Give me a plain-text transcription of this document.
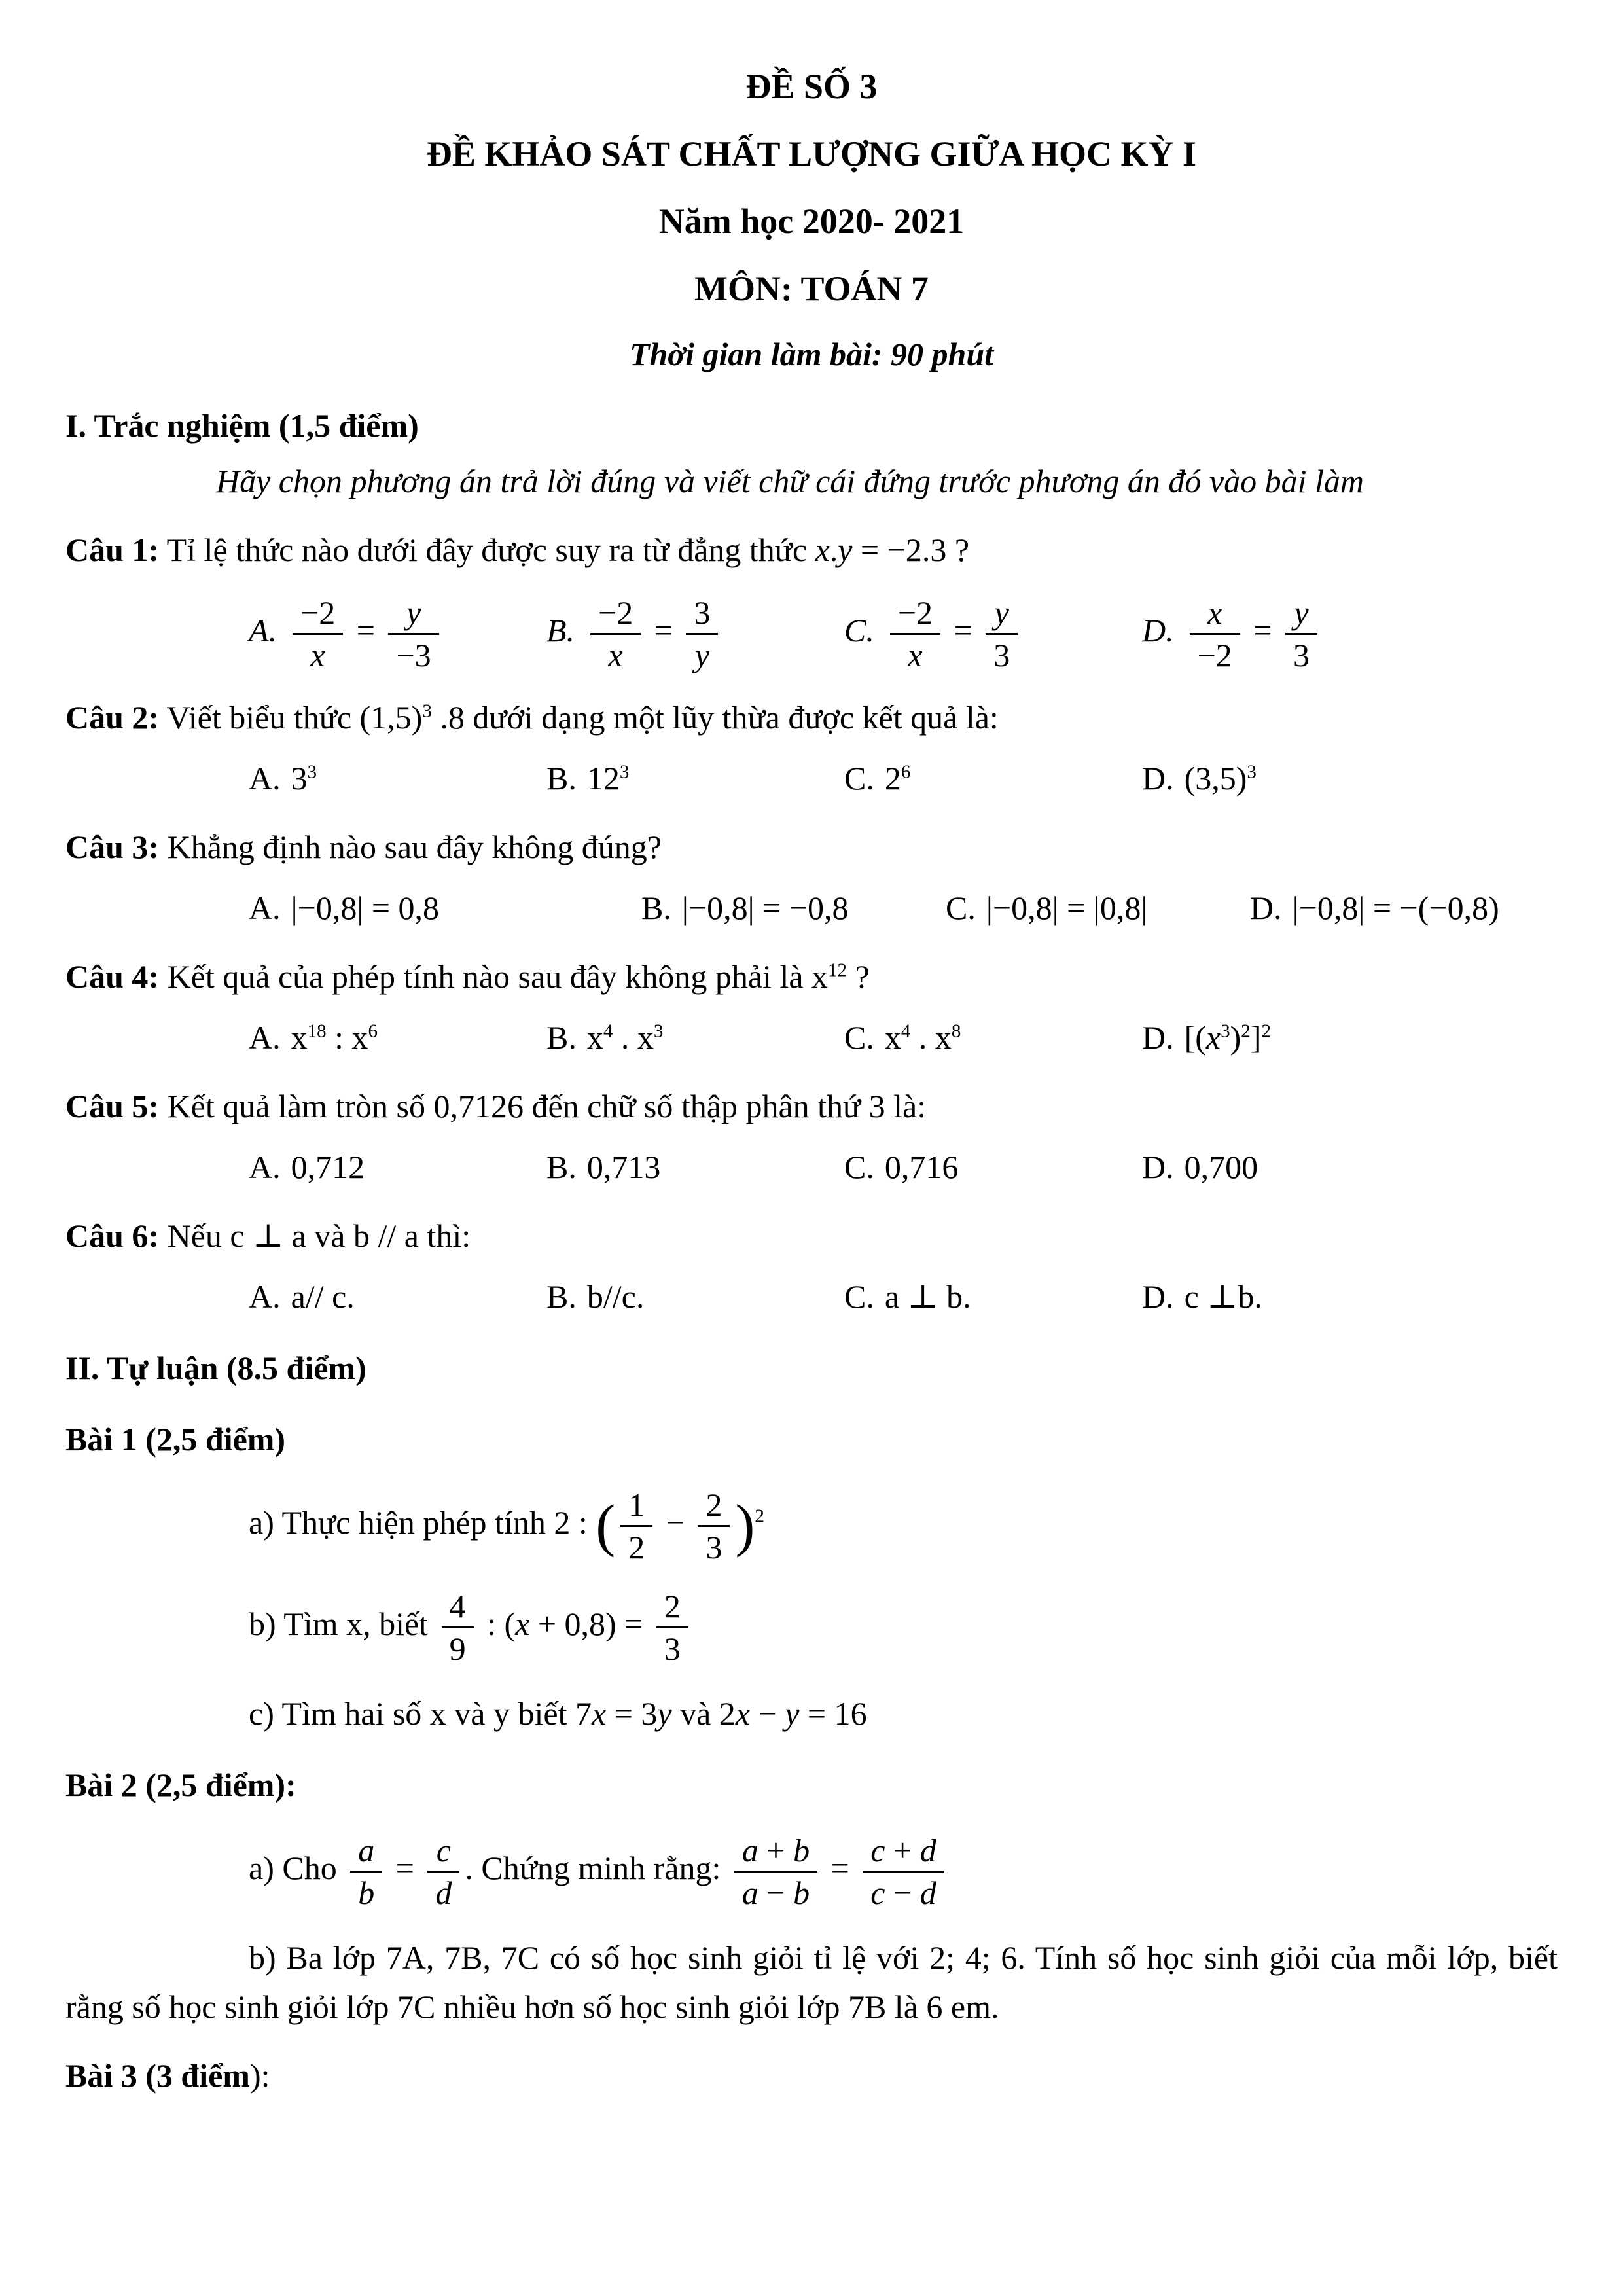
ĐỀ SỐ 3
ĐỀ KHẢO SÁT CHẤT LƯỢNG GIỮA HỌC KỲ I
Năm học 2020- 2021
MÔN: TOÁN 7
Thời gian làm bài: 90 phút
I. Trắc nghiệm (1,5 điểm)
Hãy chọn phương án trả lời đúng và viết chữ cái đứng trước phương án đó vào bài làm
Câu 1: Tỉ lệ thức nào dưới đây được suy ra từ đẳng thức x.y = −2.3 ?
A. $\frac{-2}{x} = \frac{y}{-3}$	B. $\frac{-2}{x} = \frac{3}{y}$	C. $\frac{-2}{x} = \frac{y}{3}$	D. $\frac{x}{-2} = \frac{y}{3}$
Câu 2: Viết biểu thức $(1,5)^3$ .8 dưới dạng một lũy thừa được kết quả là:
A. $3^3$	B. $12^3$	C. $2^6$	D. $(3,5)^3$
Câu 3: Khẳng định nào sau đây không đúng?
A. |−0,8| = 0,8	B. |−0,8| = −0,8	C. |−0,8| = |0,8|	D. |−0,8| = −(−0,8)
Câu 4: Kết quả của phép tính nào sau đây không phải là $x^{12}$ ?
A. $x^{18}$ : $x^6$	B. $x^4$ . $x^3$	C. $x^4$ . $x^8$	D. $[(x^3)^2]^2$
Câu 5: Kết quả làm tròn số 0,7126 đến chữ số thập phân thứ 3 là:
A. 0,712	B. 0,713	C. 0,716	D. 0,700
Câu 6: Nếu c ⊥ a và b // a thì:
A. a// c.	B. b//c.	C. a ⊥ b.	D. c ⊥b.
II. Tự luận (8.5 điểm)
Bài 1 (2,5 điểm)
a) Thực hiện phép tính 2 : ( $\frac{1}{2} - \frac{2}{3} )^2$
b) Tìm x, biết $\frac{4}{9}$ : $(x + 0,8) = \frac{2}{3}$
c) Tìm hai số x và y biết 7x = 3y và 2x − y = 16
Bài 2 (2,5 điểm):
a) Cho $\frac{a}{b} = \frac{c}{d}$ . Chứng minh rằng: $\frac{a + b}{a - b} = \frac{c + d}{c - d}$
b) Ba lớp 7A, 7B, 7C có số học sinh giỏi tỉ lệ với 2; 4; 6. Tính số học sinh giỏi của mỗi lớp, biết rằng số học sinh giỏi lớp 7C nhiều hơn số học sinh giỏi lớp 7B là 6 em.
Bài 3 (3 điểm):
